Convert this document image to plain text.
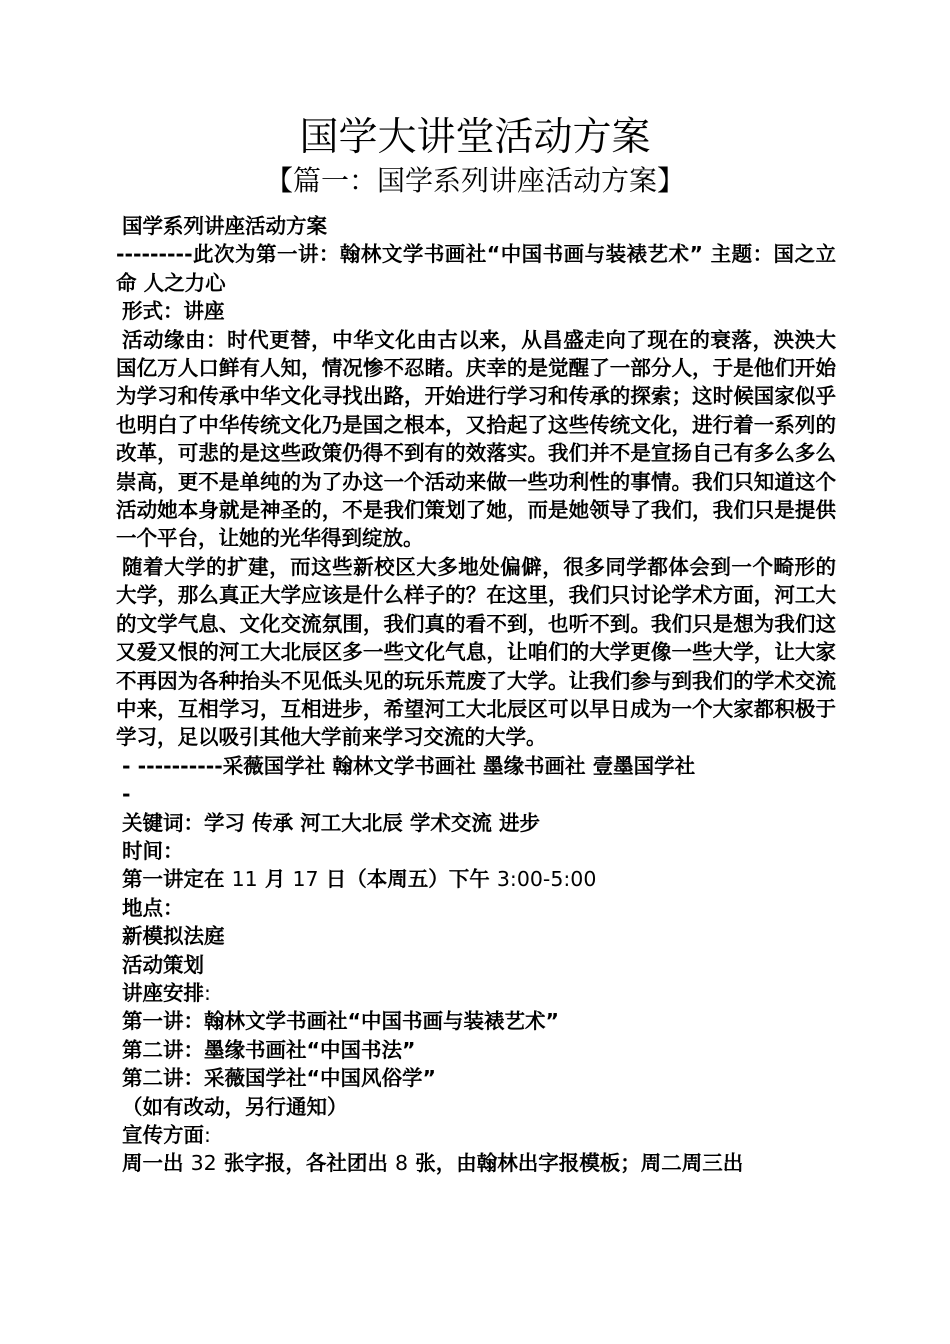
国学大讲堂活动方案
【篇一：国学系列讲座活动方案】

国学系列讲座活动方案

---------此次为第一讲：翰林文学书画社“中国书画与装裱艺术” 主题：国之立命 人之力心

形式：讲座

活动缘由：时代更替，中华文化由古以来，从昌盛走向了现在的衰落，泱泱大国亿万人口鲜有人知，情况惨不忍睹。庆幸的是觉醒了一部分人，于是他们开始为学习和传承中华文化寻找出路，开始进行学习和传承的探索；这时候国家似乎也明白了中华传统文化乃是国之根本，又拾起了这些传统文化，进行着一系列的改革，可悲的是这些政策仍得不到有的效落实。我们并不是宣扬自己有多么多么崇高，更不是单纯的为了办这一个活动来做一些功利性的事情。我们只知道这个活动她本身就是神圣的，不是我们策划了她，而是她领导了我们，我们只是提供一个平台，让她的光华得到绽放。

随着大学的扩建，而这些新校区大多地处偏僻，很多同学都体会到一个畸形的大学，那么真正大学应该是什么样子的？在这里，我们只讨论学术方面，河工大的文学气息、文化交流氛围，我们真的看不到，也听不到。我们只是想为我们这又爱又恨的河工大北辰区多一些文化气息，让咱们的大学更像一些大学，让大家不再因为各种抬头不见低头见的玩乐荒废了大学。让我们参与到我们的学术交流中来，互相学习，互相进步，希望河工大北辰区可以早日成为一个大家都积极于学习，足以吸引其他大学前来学习交流的大学。

- ----------采薇国学社 翰林文学书画社 墨缘书画社 壹墨国学社

-

关键词：学习 传承 河工大北辰 学术交流 进步

时间：

第一讲定在 11 月 17 日（本周五）下午 3:00-5:00

地点：

新模拟法庭

活动策划

讲座安排:

第一讲：翰林文学书画社“中国书画与装裱艺术”

第二讲：墨缘书画社“中国书法”

第二讲：采薇国学社“中国风俗学”

（如有改动，另行通知）

宣传方面:

周一出 32 张字报，各社团出 8 张，由翰林出字报模板；周二周三出
